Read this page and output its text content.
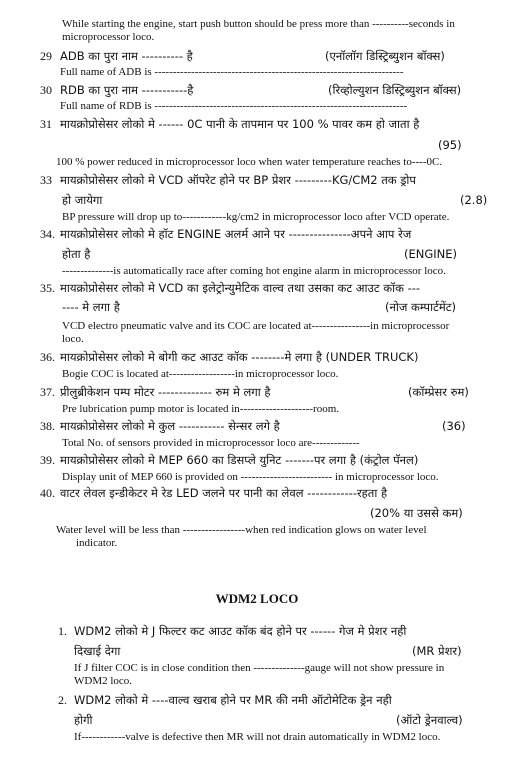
While starting the engine, start push button should be press more than ----------seconds in
microprocessor loco.
29 ADB का पुरा नाम ---------- है	(एनॉलॉग डिस्ट्रिब्युशन बॉक्स)
Full name of ADB is --------------------------------------------------------------------
30 RDB का पुरा नाम -----------है	(रिव्होल्युशन डिस्ट्रिब्युशन बॉक्स)
Full name of RDB is ---------------------------------------------------------------------
31 मायक्रोप्रोसेसर लोको मे ------ 0C पानी के तापमान पर 100 % पावर कम हो जाता है
(95)
100 % power reduced in microprocessor loco when water temperature reaches to----0C.
33 मायक्रोप्रोसेसर लोको मे VCD ऑपरेट होने पर BP प्रेशर ---------KG/CM2 तक ड्रोप
हो जायेगा	(2.8)
BP pressure will drop up to------------kg/cm2 in microprocessor loco after VCD operate.
34. मायक्रोप्रोसेसर लोको मे हॉट ENGINE अलर्म आने पर ---------------अपने आप रेज
होता है	(ENGINE)
--------------is automatically race after coming hot engine alarm in microprocessor loco.
35. मायक्रोप्रोसेसर लोको मे VCD का इलेट्रोन्युमेटिक वाल्व तथा उसका कट आउट कॉक ---
---- मे लगा है	(नोज कम्पार्टमेंट)
VCD electro pneumatic valve and its COC are located at----------------in microprocessor
loco.
36. मायक्रोप्रोसेसर लोको मे बोगी कट आउट कॉक --------मे लगा है (UNDER TRUCK)
Bogie COC is located at------------------in microprocessor loco.
37. प्रीलुब्रीकेशन पम्प मोटर ------------- रुम मे लगा है	(कॉम्प्रेसर रुम)
Pre lubrication pump motor is located in--------------------room.
38. मायक्रोप्रोसेसर लोको मे कुल ----------- सेन्सर लगे है	(36)
Total No. of sensors provided in microprocessor loco are-------------
39. मायक्रोप्रोसेसर लोको मे MEP 660 का डिसप्ले युनिट -------पर लगा है (कंट्रोल पॅनल)
Display unit of MEP 660 is provided on ------------------------- in microprocessor loco.
40. वाटर लेवल इन्डीकेटर मे रेड LED जलने पर पानी का लेवल ------------रहता है
(20% या उससे कम)
Water level will be less than -----------------when red indication glows on water level
indicator.
WDM2 LOCO
1. WDM2 लोको मे J फिल्टर कट आउट कॉक बंद होने पर ------ गेज मे प्रेशर नही
दिखाई देगा	(MR प्रेशर)
If J filter COC is in close condition then --------------gauge will not show pressure in
WDM2 loco.
2. WDM2 लोको मे ----वाल्व खराब होने पर MR की नमी ऑटोमेटिक ड्रेन नही
होगी	(ऑटो ड्रेनवाल्व)
If------------valve is defective then MR will not drain automatically in WDM2 loco.
